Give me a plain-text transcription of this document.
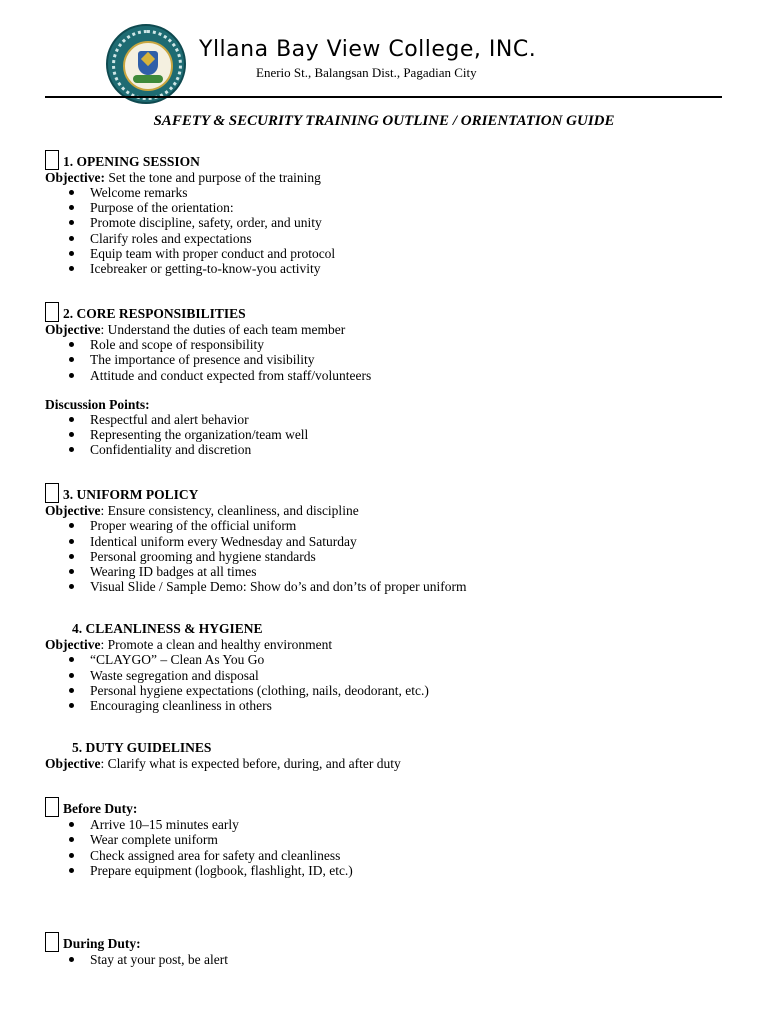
Yllana Bay View College, INC.
Enerio St., Balangsan Dist., Pagadian City
SAFETY & SECURITY TRAINING OUTLINE / ORIENTATION GUIDE
1. OPENING SESSION
Objective: Set the tone and purpose of the training
Welcome remarks
Purpose of the orientation:
Promote discipline, safety, order, and unity
Clarify roles and expectations
Equip team with proper conduct and protocol
Icebreaker or getting-to-know-you activity
2. CORE RESPONSIBILITIES
Objective: Understand the duties of each team member
Role and scope of responsibility
The importance of presence and visibility
Attitude and conduct expected from staff/volunteers
Discussion Points:
Respectful and alert behavior
Representing the organization/team well
Confidentiality and discretion
3. UNIFORM POLICY
Objective: Ensure consistency, cleanliness, and discipline
Proper wearing of the official uniform
Identical uniform every Wednesday and Saturday
Personal grooming and hygiene standards
Wearing ID badges at all times
Visual Slide / Sample Demo: Show do’s and don’ts of proper uniform
4. CLEANLINESS & HYGIENE
Objective: Promote a clean and healthy environment
“CLAYGO” – Clean As You Go
Waste segregation and disposal
Personal hygiene expectations (clothing, nails, deodorant, etc.)
Encouraging cleanliness in others
5. DUTY GUIDELINES
Objective: Clarify what is expected before, during, and after duty
Before Duty:
Arrive 10–15 minutes early
Wear complete uniform
Check assigned area for safety and cleanliness
Prepare equipment (logbook, flashlight, ID, etc.)
During Duty:
Stay at your post, be alert
